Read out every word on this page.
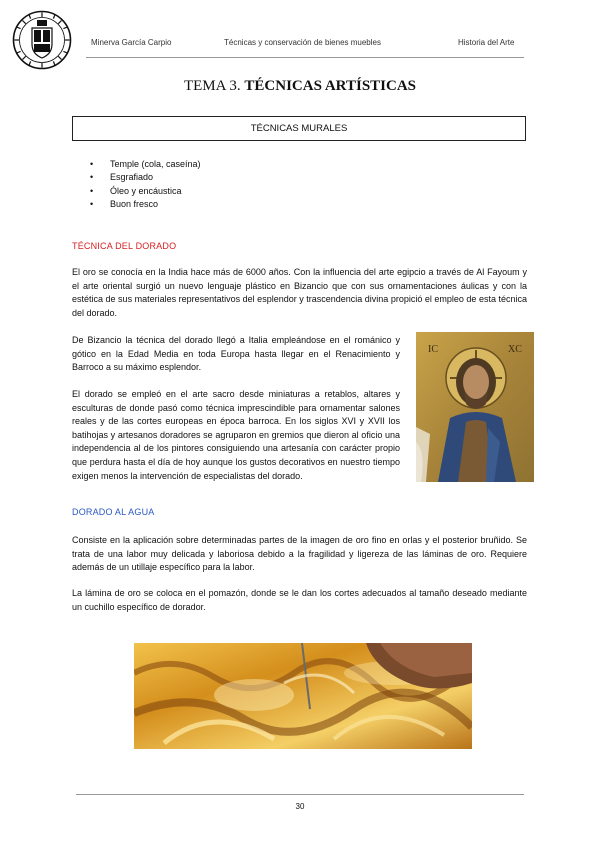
Minerva García Carpio	Técnicas y conservación de bienes muebles	Historia del Arte
TEMA 3. TÉCNICAS ARTÍSTICAS
TÉCNICAS MURALES
• Temple (cola, caseína)
• Esgrafiado
• Óleo y encáustica
• Buon fresco
TÉCNICA DEL DORADO
El oro se conocía en la India hace más de 6000 años. Con la influencia del arte egipcio a través de Al Fayoum y el arte oriental surgió un nuevo lenguaje plástico en Bizancio que con sus ornamentaciones áulicas y con la estética de sus materiales representativos del esplendor y trascendencia divina propició el empleo de esta técnica del dorado.
De Bizancio la técnica del dorado llegó a Italia empleándose en el románico y gótico en la Edad Media en toda Europa hasta llegar en el Renacimiento y Barroco a su máximo esplendor.
El dorado se empleó en el arte sacro desde miniaturas a retablos, altares y esculturas de donde pasó como técnica imprescindible para ornamentar salones reales y de las cortes europeas en época barroca. En los siglos XVI y XVII los batihojas y artesanos doradores se agruparon en gremios que dieron al oficio una independencia al de los pintores consiguiendo una artesanía con carácter propio que perdura hasta el día de hoy aunque los gustos decorativos en nuestro tiempo exigen menos la intervención de especialistas del dorado.
IC	XC
DORADO AL AGUA
Consiste en la aplicación sobre determinadas partes de la imagen de oro fino en orlas y el posterior bruñido. Se trata de una labor muy delicada y laboriosa debido a la fragilidad y ligereza de las láminas de oro. Requiere además de un utillaje específico para la labor.
La lámina de oro se coloca en el pomazón, donde se le dan los cortes adecuados al tamaño deseado mediante un cuchillo específico de dorador.
30
